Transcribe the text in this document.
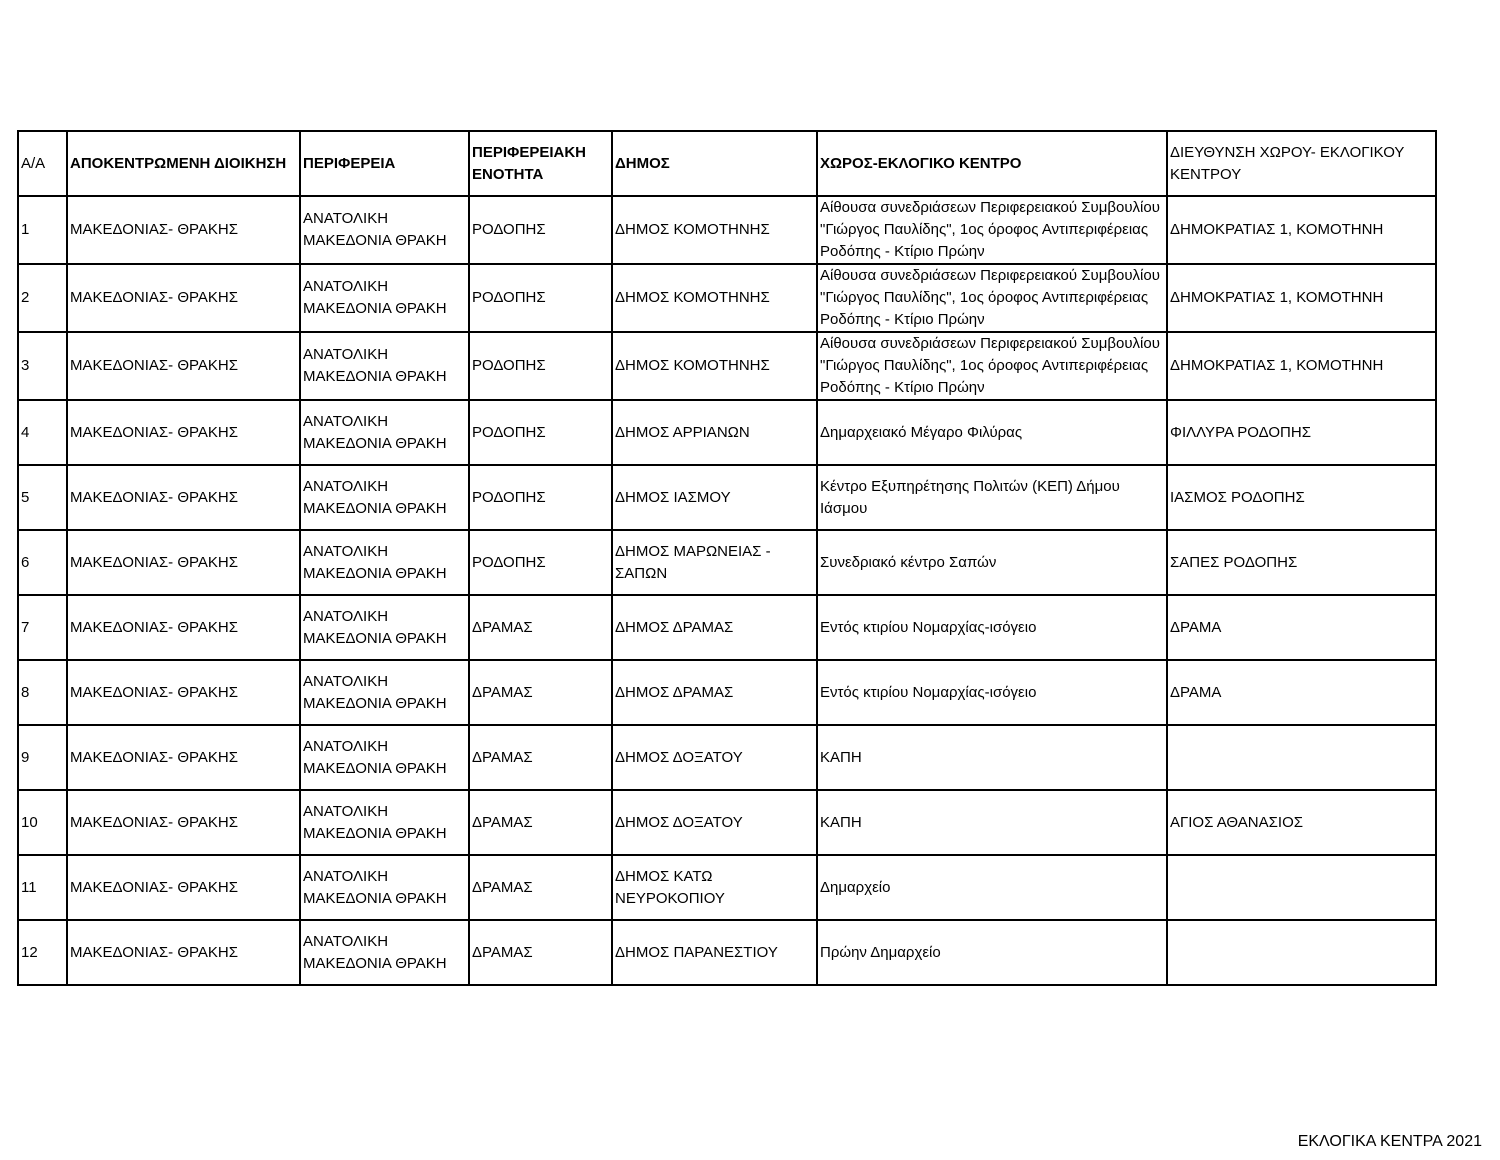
Α/Α	ΑΠΟΚΕΝΤΡΩΜΕΝΗ ΔΙΟΙΚΗΣΗ	ΠΕΡΙΦΕΡΕΙΑ	ΠΕΡΙΦΕΡΕΙΑΚΗ ΕΝΟΤΗΤΑ	ΔΗΜΟΣ	ΧΩΡΟΣ-ΕΚΛΟΓΙΚΟ ΚΕΝΤΡΟ	ΔΙΕΥΘΥΝΣΗ ΧΩΡΟΥ- ΕΚΛΟΓΙΚΟΥ ΚΕΝΤΡΟΥ
1	ΜΑΚΕΔΟΝΙΑΣ- ΘΡΑΚΗΣ	ΑΝΑΤΟΛΙΚΗ ΜΑΚΕΔΟΝΙΑ ΘΡΑΚΗ	ΡΟΔΟΠΗΣ	ΔΗΜΟΣ ΚΟΜΟΤΗΝΗΣ	Αίθουσα συνεδριάσεων Περιφερειακού Συμβουλίου "Γιώργος Παυλίδης", 1ος όροφος Αντιπεριφέρειας Ροδόπης - Κτίριο Πρώην	ΔΗΜΟΚΡΑΤΙΑΣ 1, ΚΟΜΟΤΗΝΗ
2	ΜΑΚΕΔΟΝΙΑΣ- ΘΡΑΚΗΣ	ΑΝΑΤΟΛΙΚΗ ΜΑΚΕΔΟΝΙΑ ΘΡΑΚΗ	ΡΟΔΟΠΗΣ	ΔΗΜΟΣ ΚΟΜΟΤΗΝΗΣ	Αίθουσα συνεδριάσεων Περιφερειακού Συμβουλίου "Γιώργος Παυλίδης", 1ος όροφος Αντιπεριφέρειας Ροδόπης - Κτίριο Πρώην	ΔΗΜΟΚΡΑΤΙΑΣ 1, ΚΟΜΟΤΗΝΗ
3	ΜΑΚΕΔΟΝΙΑΣ- ΘΡΑΚΗΣ	ΑΝΑΤΟΛΙΚΗ ΜΑΚΕΔΟΝΙΑ ΘΡΑΚΗ	ΡΟΔΟΠΗΣ	ΔΗΜΟΣ ΚΟΜΟΤΗΝΗΣ	Αίθουσα συνεδριάσεων Περιφερειακού Συμβουλίου "Γιώργος Παυλίδης", 1ος όροφος Αντιπεριφέρειας Ροδόπης - Κτίριο Πρώην	ΔΗΜΟΚΡΑΤΙΑΣ 1, ΚΟΜΟΤΗΝΗ
4	ΜΑΚΕΔΟΝΙΑΣ- ΘΡΑΚΗΣ	ΑΝΑΤΟΛΙΚΗ ΜΑΚΕΔΟΝΙΑ ΘΡΑΚΗ	ΡΟΔΟΠΗΣ	ΔΗΜΟΣ ΑΡΡΙΑΝΩΝ	Δημαρχειακό Μέγαρο Φιλύρας	ΦΙΛΛΥΡΑ ΡΟΔΟΠΗΣ
5	ΜΑΚΕΔΟΝΙΑΣ- ΘΡΑΚΗΣ	ΑΝΑΤΟΛΙΚΗ ΜΑΚΕΔΟΝΙΑ ΘΡΑΚΗ	ΡΟΔΟΠΗΣ	ΔΗΜΟΣ ΙΑΣΜΟΥ	Κέντρο Εξυπηρέτησης Πολιτών (ΚΕΠ) Δήμου Ιάσμου	ΙΑΣΜΟΣ ΡΟΔΟΠΗΣ
6	ΜΑΚΕΔΟΝΙΑΣ- ΘΡΑΚΗΣ	ΑΝΑΤΟΛΙΚΗ ΜΑΚΕΔΟΝΙΑ ΘΡΑΚΗ	ΡΟΔΟΠΗΣ	ΔΗΜΟΣ ΜΑΡΩΝΕΙΑΣ - ΣΑΠΩΝ	Συνεδριακό κέντρο Σαπών	ΣΑΠΕΣ ΡΟΔΟΠΗΣ
7	ΜΑΚΕΔΟΝΙΑΣ- ΘΡΑΚΗΣ	ΑΝΑΤΟΛΙΚΗ ΜΑΚΕΔΟΝΙΑ ΘΡΑΚΗ	ΔΡΑΜΑΣ	ΔΗΜΟΣ ΔΡΑΜΑΣ	Εντός κτιρίου Νομαρχίας-ισόγειο	ΔΡΑΜΑ
8	ΜΑΚΕΔΟΝΙΑΣ- ΘΡΑΚΗΣ	ΑΝΑΤΟΛΙΚΗ ΜΑΚΕΔΟΝΙΑ ΘΡΑΚΗ	ΔΡΑΜΑΣ	ΔΗΜΟΣ ΔΡΑΜΑΣ	Εντός κτιρίου Νομαρχίας-ισόγειο	ΔΡΑΜΑ
9	ΜΑΚΕΔΟΝΙΑΣ- ΘΡΑΚΗΣ	ΑΝΑΤΟΛΙΚΗ ΜΑΚΕΔΟΝΙΑ ΘΡΑΚΗ	ΔΡΑΜΑΣ	ΔΗΜΟΣ ΔΟΞΑΤΟΥ	ΚΑΠΗ	
10	ΜΑΚΕΔΟΝΙΑΣ- ΘΡΑΚΗΣ	ΑΝΑΤΟΛΙΚΗ ΜΑΚΕΔΟΝΙΑ ΘΡΑΚΗ	ΔΡΑΜΑΣ	ΔΗΜΟΣ ΔΟΞΑΤΟΥ	ΚΑΠΗ	ΑΓΙΟΣ ΑΘΑΝΑΣΙΟΣ
11	ΜΑΚΕΔΟΝΙΑΣ- ΘΡΑΚΗΣ	ΑΝΑΤΟΛΙΚΗ ΜΑΚΕΔΟΝΙΑ ΘΡΑΚΗ	ΔΡΑΜΑΣ	ΔΗΜΟΣ ΚΑΤΩ ΝΕΥΡΟΚΟΠΙΟΥ	Δημαρχείο	
12	ΜΑΚΕΔΟΝΙΑΣ- ΘΡΑΚΗΣ	ΑΝΑΤΟΛΙΚΗ ΜΑΚΕΔΟΝΙΑ ΘΡΑΚΗ	ΔΡΑΜΑΣ	ΔΗΜΟΣ ΠΑΡΑΝΕΣΤΙΟΥ	Πρώην Δημαρχείο	
ΕΚΛΟΓΙΚΑ ΚΕΝΤΡΑ 2021
